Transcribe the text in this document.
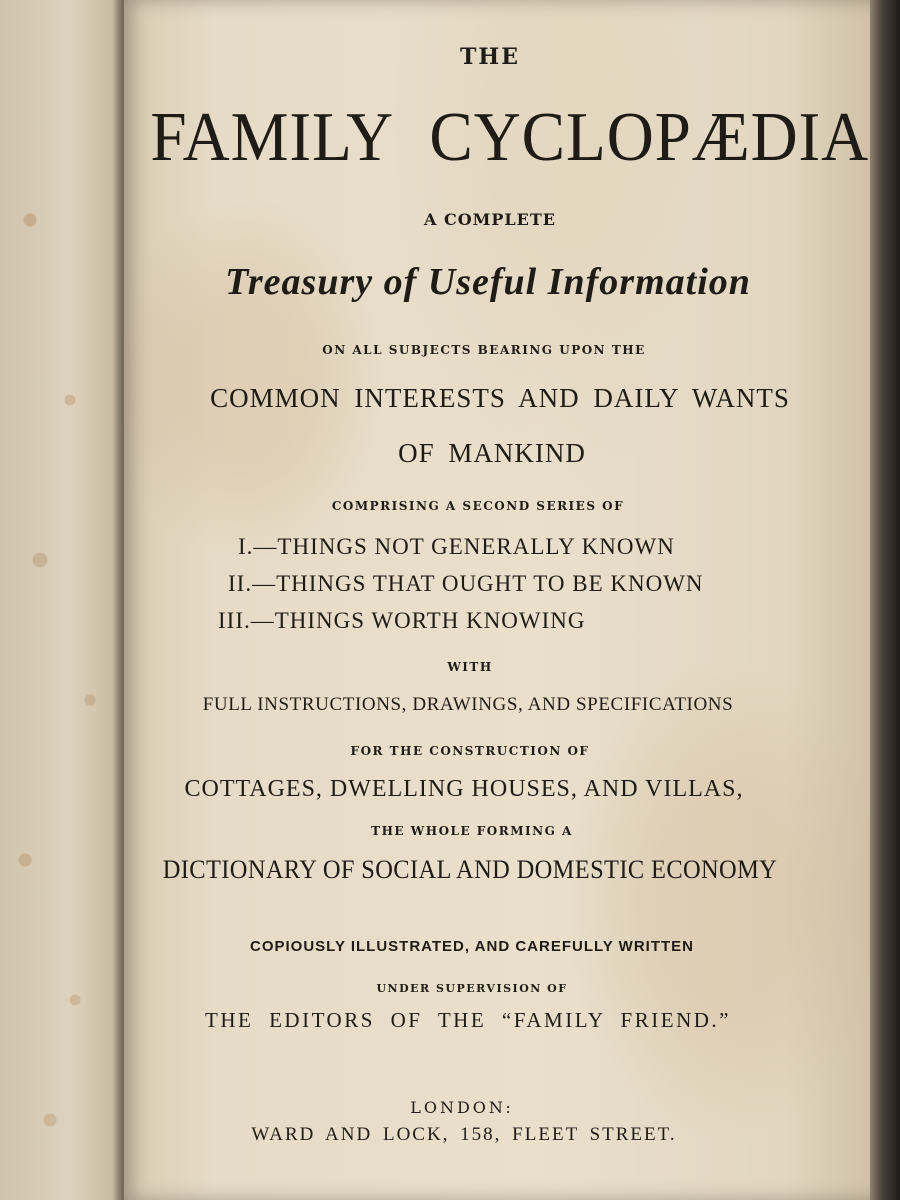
THE
FAMILY CYCLOPÆDIA
A COMPLETE
Treasury of Useful Information
ON ALL SUBJECTS BEARING UPON THE
COMMON INTERESTS AND DAILY WANTS
OF MANKIND
COMPRISING A SECOND SERIES OF
I.—THINGS NOT GENERALLY KNOWN
II.—THINGS THAT OUGHT TO BE KNOWN
III.—THINGS WORTH KNOWING
WITH
FULL INSTRUCTIONS, DRAWINGS, AND SPECIFICATIONS
FOR THE CONSTRUCTION OF
COTTAGES, DWELLING HOUSES, AND VILLAS,
THE WHOLE FORMING A
DICTIONARY OF SOCIAL AND DOMESTIC ECONOMY
COPIOUSLY ILLUSTRATED, AND CAREFULLY WRITTEN
UNDER SUPERVISION OF
THE EDITORS OF THE “FAMILY FRIEND.”
LONDON:
WARD AND LOCK, 158, FLEET STREET.
